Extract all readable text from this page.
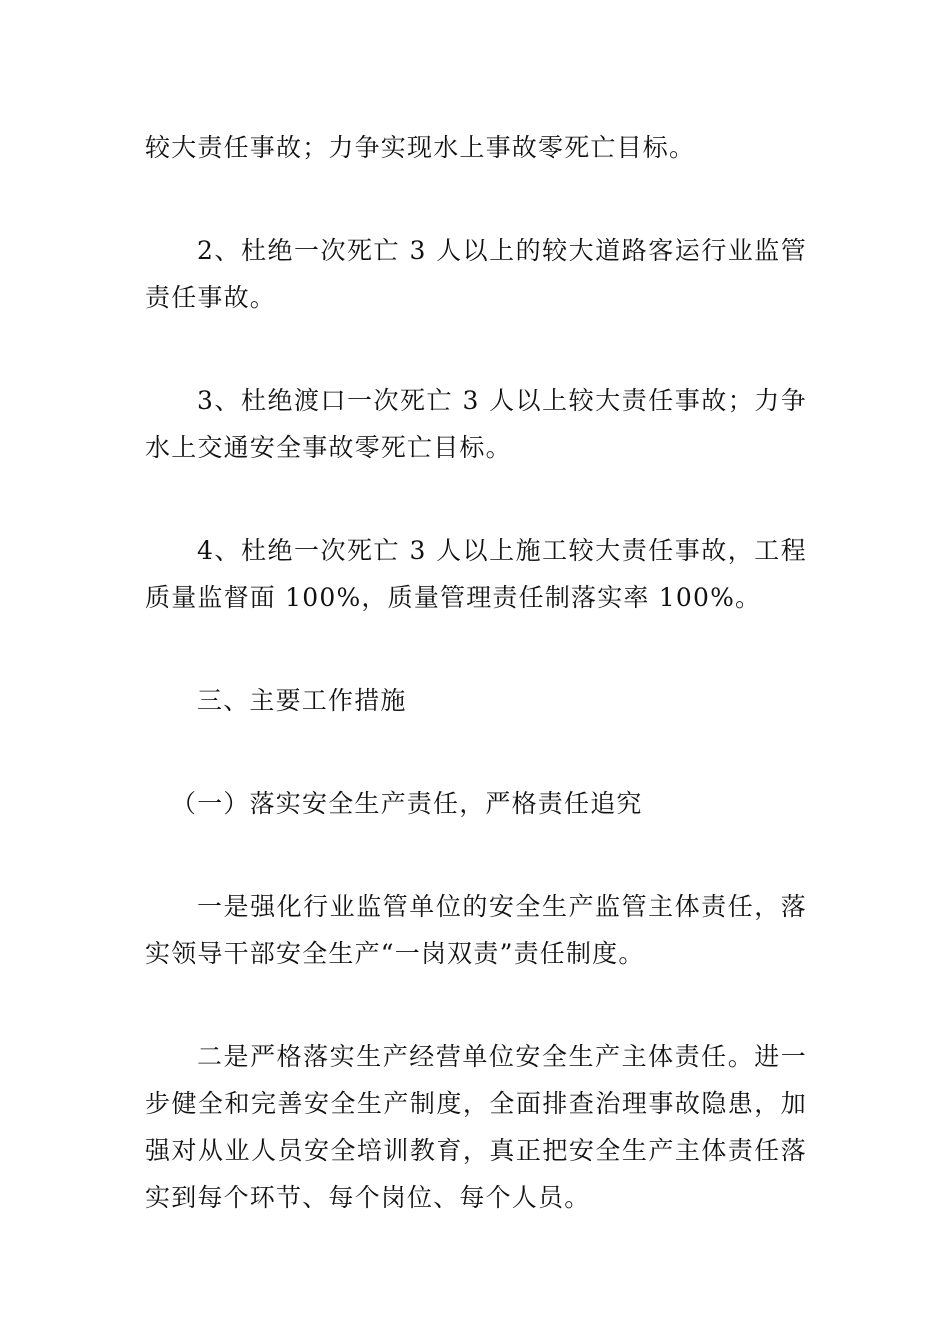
较大责任事故；力争实现水上事故零死亡目标。

2、杜绝一次死亡 3 人以上的较大道路客运行业监管责任事故。

3、杜绝渡口一次死亡 3 人以上较大责任事故；力争水上交通安全事故零死亡目标。

4、杜绝一次死亡 3 人以上施工较大责任事故，工程质量监督面 100%，质量管理责任制落实率 100%。

三、主要工作措施

（一）落实安全生产责任，严格责任追究

一是强化行业监管单位的安全生产监管主体责任，落实领导干部安全生产“一岗双责”责任制度。

二是严格落实生产经营单位安全生产主体责任。进一步健全和完善安全生产制度，全面排查治理事故隐患，加强对从业人员安全培训教育，真正把安全生产主体责任落实到每个环节、每个岗位、每个人员。
